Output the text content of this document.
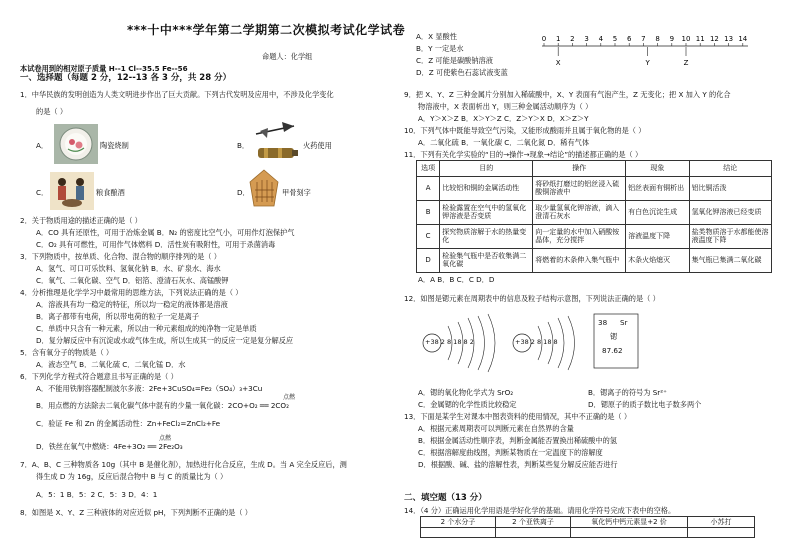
***十中***学年第二学期第二次模拟考试化学试卷
命题人：化学组
本试卷用到的相对原子质量 H--1 Cl--35.5 Fe--56
一、选择题（每题 2 分，12--13 各 3 分，共 28 分）
1．中华民族的发明创造为人类文明进步作出了巨大贡献。下列古代发明及应用中，不涉及化学变化
的是（ ）
A．	陶瓷烧制	B．	火药使用
C．	粮食酿酒	D．	甲骨刻字
2．关于物质用途的描述正确的是（ ）
A．CO 具有还原性，可用于冶炼金属 B．N₂ 的密度比空气小，可用作灯泡保护气
C．O₂ 具有可燃性，可用作气体燃料 D．活性炭有吸附性，可用于杀菌消毒
3．下列物质中，按单质、化合物、混合物的顺序排列的是（ ）
A．氢气、可口可乐饮料、氢氧化钠 B．水、矿泉水、海水
C．氧气、二氧化碳、空气 D．铝箔、澄清石灰水、高锰酸钾
4．分析推理是化学学习中最常用的思维方法，下列说法正确的是（ ）
A．溶液具有均一稳定的特征，所以均一稳定的液体都是溶液
B．离子都带有电荷，所以带电荷的粒子一定是离子
C．单质中只含有一种元素，所以由一种元素组成的纯净物一定是单质
D．复分解反应中有沉淀或水或气体生成，所以生成其一的反应一定是复分解反应
5．含有氧分子的物质是（ ）
A．液态空气 B．二氧化硫 C．二氧化锰 D．水
6．下列化学方程式符合题意且书写正确的是（ ）
A．不能用铁制容器配制波尔多液：2Fe+3CuSO₄=Fe₂（SO₄）₃+3Cu
点燃
B．用点燃的方法除去二氧化碳气体中混有的少量一氧化碳：2CO+O₂ ══ 2CO₂
C．验证 Fe 和 Zn 的金属活动性：Zn+FeCl₂=ZnCl₂+Fe
点燃
D．铁丝在氧气中燃烧：4Fe+3O₂ ══ 2Fe₂O₃
7．A、B、C 三种物质各 10g（其中 B 是催化剂），加热进行化合反应，生成 D。当 A 完全反应后，测
得生成 D 为 16g，反应后混合物中 B 与 C 的质量比为（ ）
A．5：1 B．5：2 C．5：3 D．4：1
8．如图是 X、Y、Z 三种液体的对应近似 pH，下列判断不正确的是（ ）
A．X 显酸性
B．Y 一定是水
C．Z 可能是碳酸钠溶液
D．Z 可使紫色石蕊试液变蓝
0 1 2 3 4 5 6 7 8 9 10 11 12 13 14
X	Y	Z
9．把 X、Y、Z 三种金属片分别加入稀硫酸中，X、Y 表面有气泡产生，Z 无变化；把 X 加入 Y 的化合
物溶液中，X 表面析出 Y，则三种金属活动顺序为（ ）
A．Y＞X＞Z B．X＞Y＞Z C．Z＞Y＞X D．X＞Z＞Y
10．下列气体中既能导致空气污染，又能形成酸雨并且属于氧化物的是（ ）
A．二氧化硫 B．一氧化碳 C．二氧化氮 D．稀有气体
11．下列有关化学实验的“目的→操作→现象→结论”的描述都正确的是（ ）
选项	目的	操作	现象	结论
A	比较铝和铜的金属活动性	将砂纸打磨过的铝丝浸入硫酸铜溶液中	铝丝表面有铜析出	铝比铜活泼
B	检验露置在空气中的氢氧化钾溶液是否变质	取少量氢氧化钾溶液，滴入澄清石灰水	有白色沉淀生成	氢氧化钾溶液已经变质
C	探究物质溶解于水的热量变化	向一定量的水中加入硝酸铵晶体，充分搅拌	溶液温度下降	盐类物质溶于水都能使溶液温度下降
D	检验集气瓶中是否收集满二氧化碳	将燃着的木条伸入集气瓶中	木条火焰熄灭	集气瓶已集满二氧化碳
A．A B．B C．C D．D
12．如图是锶元素在周期表中的信息及粒子结构示意图，下列说法正确的是（ ）
+38 2 8 18 8 2	+38 2 8 18 8
38 Sr
锶
87.62
A．锶的氧化物化学式为 SrO₂	B．锶离子的符号为 Sr²⁺
C．金属锶的化学性质比较稳定	D．锶原子的质子数比电子数多两个
13．下面是某学生对课本中图表资料的使用情况，其中不正确的是（ ）
A．根据元素周期表可以判断元素在自然界的含量
B．根据金属活动性顺序表，判断金属能否置换出稀硫酸中的氢
C．根据溶解度曲线图，判断某物质在一定温度下的溶解度
D．根据酸、碱、盐的溶解性表，判断某些复分解反应能否进行
二、填空题（13 分）
14．（4 分）正确运用化学用语是学好化学的基础。请用化学符号完成下表中的空格。
2 个水分子	2 个亚铁离子	氧化钙中钙元素显+2 价	小苏打
